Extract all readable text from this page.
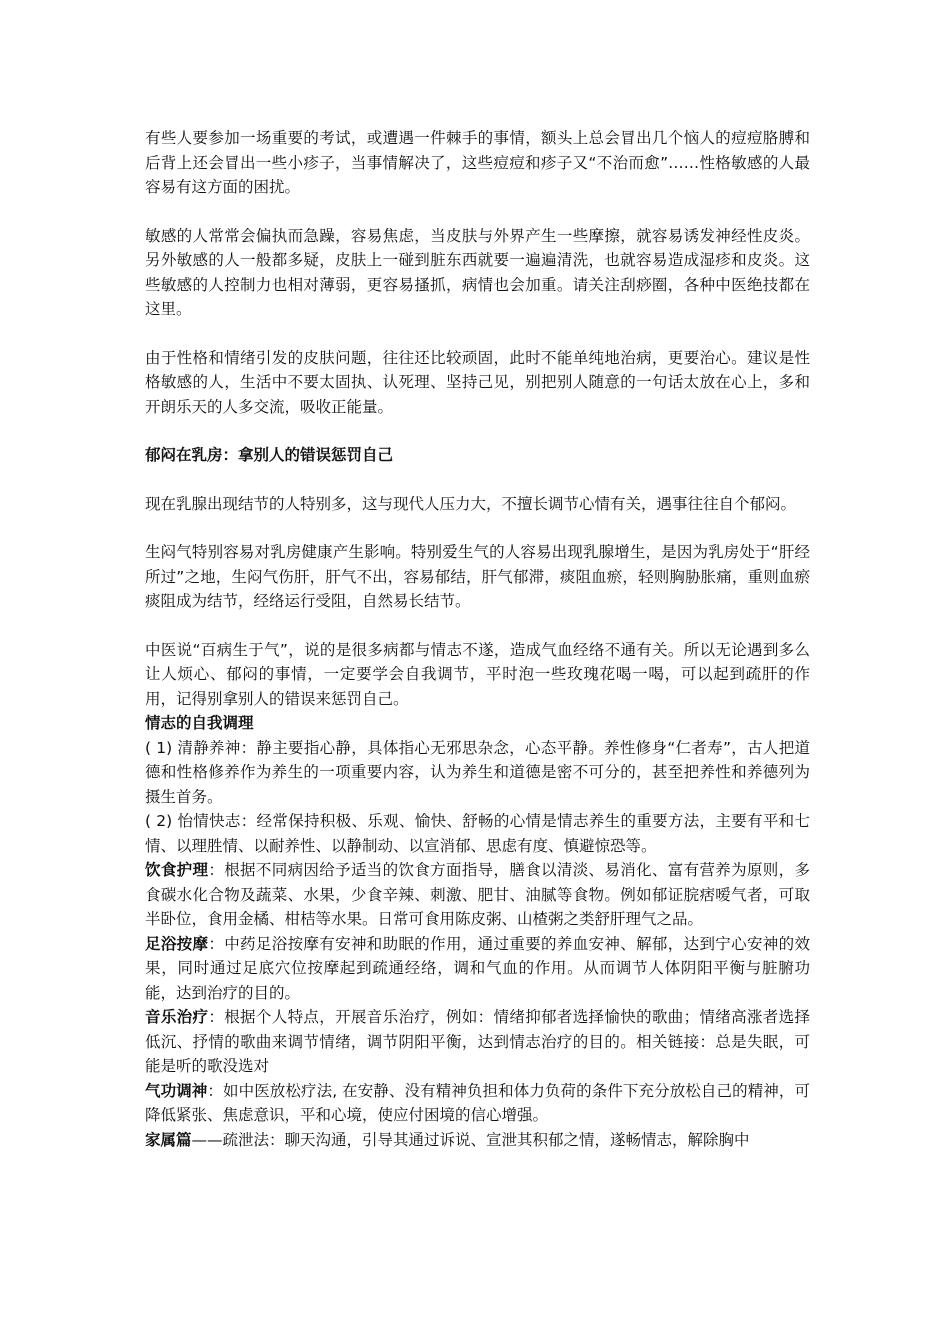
有些人要参加一场重要的考试，或遭遇一件棘手的事情，额头上总会冒出几个恼人的痘痘胳膊和后背上还会冒出一些小疹子，当事情解决了，这些痘痘和疹子又“不治而愈”……性格敏感的人最容易有这方面的困扰。

敏感的人常常会偏执而急躁，容易焦虑，当皮肤与外界产生一些摩擦，就容易诱发神经性皮炎。另外敏感的人一般都多疑，皮肤上一碰到脏东西就要一遍遍清洗，也就容易造成湿疹和皮炎。这些敏感的人控制力也相对薄弱，更容易搔抓，病情也会加重。请关注刮痧圈，各种中医绝技都在这里。

由于性格和情绪引发的皮肤问题，往往还比较顽固，此时不能单纯地治病，更要治心。建议是性格敏感的人，生活中不要太固执、认死理、坚持己见，别把别人随意的一句话太放在心上，多和开朗乐天的人多交流，吸收正能量。

郁闷在乳房：拿别人的错误惩罚自己

现在乳腺出现结节的人特别多，这与现代人压力大，不擅长调节心情有关，遇事往往自个郁闷。

生闷气特别容易对乳房健康产生影响。特别爱生气的人容易出现乳腺增生，是因为乳房处于“肝经所过”之地，生闷气伤肝，肝气不出，容易郁结，肝气郁滞，痰阻血瘀，轻则胸胁胀痛，重则血瘀痰阻成为结节，经络运行受阻，自然易长结节。

中医说“百病生于气”，说的是很多病都与情志不遂，造成气血经络不通有关。所以无论遇到多么让人烦心、郁闷的事情，一定要学会自我调节，平时泡一些玫瑰花喝一喝，可以起到疏肝的作用，记得别拿别人的错误来惩罚自己。

情志的自我调理

( 1) 清静养神：静主要指心静，具体指心无邪思杂念，心态平静。养性修身“仁者寿”，古人把道德和性格修养作为养生的一项重要内容，认为养生和道德是密不可分的，甚至把养性和养德列为摄生首务。

( 2) 怡情快志：经常保持积极、乐观、愉快、舒畅的心情是情志养生的重要方法，主要有平和七情、以理胜情、以耐养性、以静制动、以宣消郁、思虑有度、慎避惊恐等。

饮食护理：根据不同病因给予适当的饮食方面指导，膳食以清淡、易消化、富有营养为原则，多食碳水化合物及蔬菜、水果，少食辛辣、刺激、肥甘、油腻等食物。例如郁证脘痞嗳气者，可取半卧位，食用金橘、柑桔等水果。日常可食用陈皮粥、山楂粥之类舒肝理气之品。

足浴按摩：中药足浴按摩有安神和助眠的作用，通过重要的养血安神、解郁，达到宁心安神的效果，同时通过足底穴位按摩起到疏通经络，调和气血的作用。从而调节人体阴阳平衡与脏腑功能，达到治疗的目的。

音乐治疗：根据个人特点，开展音乐治疗，例如：情绪抑郁者选择愉快的歌曲；情绪高涨者选择低沉、抒情的歌曲来调节情绪，调节阴阳平衡，达到情志治疗的目的。相关链接：总是失眠，可能是听的歌没选对

气功调神：如中医放松疗法, 在安静、没有精神负担和体力负荷的条件下充分放松自己的精神，可降低紧张、焦虑意识，平和心境，使应付困境的信心增强。

家属篇——疏泄法：聊天沟通，引导其通过诉说、宣泄其积郁之情，遂畅情志，解除胸中
